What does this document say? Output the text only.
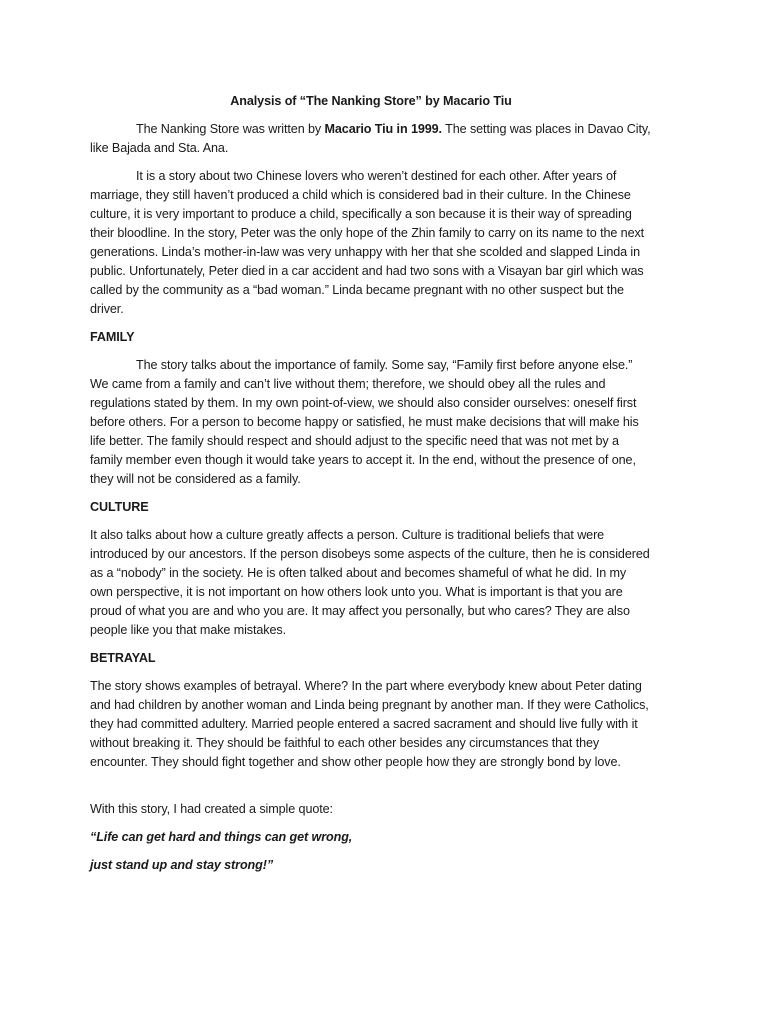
Analysis of “The Nanking Store” by Macario Tiu

The Nanking Store was written by Macario Tiu in 1999. The setting was places in Davao City, like Bajada and Sta. Ana.

It is a story about two Chinese lovers who weren’t destined for each other. After years of marriage, they still haven’t produced a child which is considered bad in their culture. In the Chinese culture, it is very important to produce a child, specifically a son because it is their way of spreading their bloodline. In the story, Peter was the only hope of the Zhin family to carry on its name to the next generations. Linda’s mother-in-law was very unhappy with her that she scolded and slapped Linda in public. Unfortunately, Peter died in a car accident and had two sons with a Visayan bar girl which was called by the community as a “bad woman.” Linda became pregnant with no other suspect but the driver.

FAMILY

The story talks about the importance of family. Some say, “Family first before anyone else.” We came from a family and can’t live without them; therefore, we should obey all the rules and regulations stated by them. In my own point-of-view, we should also consider ourselves: oneself first before others. For a person to become happy or satisfied, he must make decisions that will make his life better. The family should respect and should adjust to the specific need that was not met by a family member even though it would take years to accept it. In the end, without the presence of one, they will not be considered as a family.

CULTURE

It also talks about how a culture greatly affects a person. Culture is traditional beliefs that were introduced by our ancestors. If the person disobeys some aspects of the culture, then he is considered as a “nobody” in the society. He is often talked about and becomes shameful of what he did. In my own perspective, it is not important on how others look unto you. What is important is that you are proud of what you are and who you are. It may affect you personally, but who cares? They are also people like you that make mistakes.

BETRAYAL

The story shows examples of betrayal. Where? In the part where everybody knew about Peter dating and had children by another woman and Linda being pregnant by another man. If they were Catholics, they had committed adultery. Married people entered a sacred sacrament and should live fully with it without breaking it. They should be faithful to each other besides any circumstances that they encounter. They should fight together and show other people how they are strongly bond by love.

With this story, I had created a simple quote:

“Life can get hard and things can get wrong,
just stand up and stay strong!”
